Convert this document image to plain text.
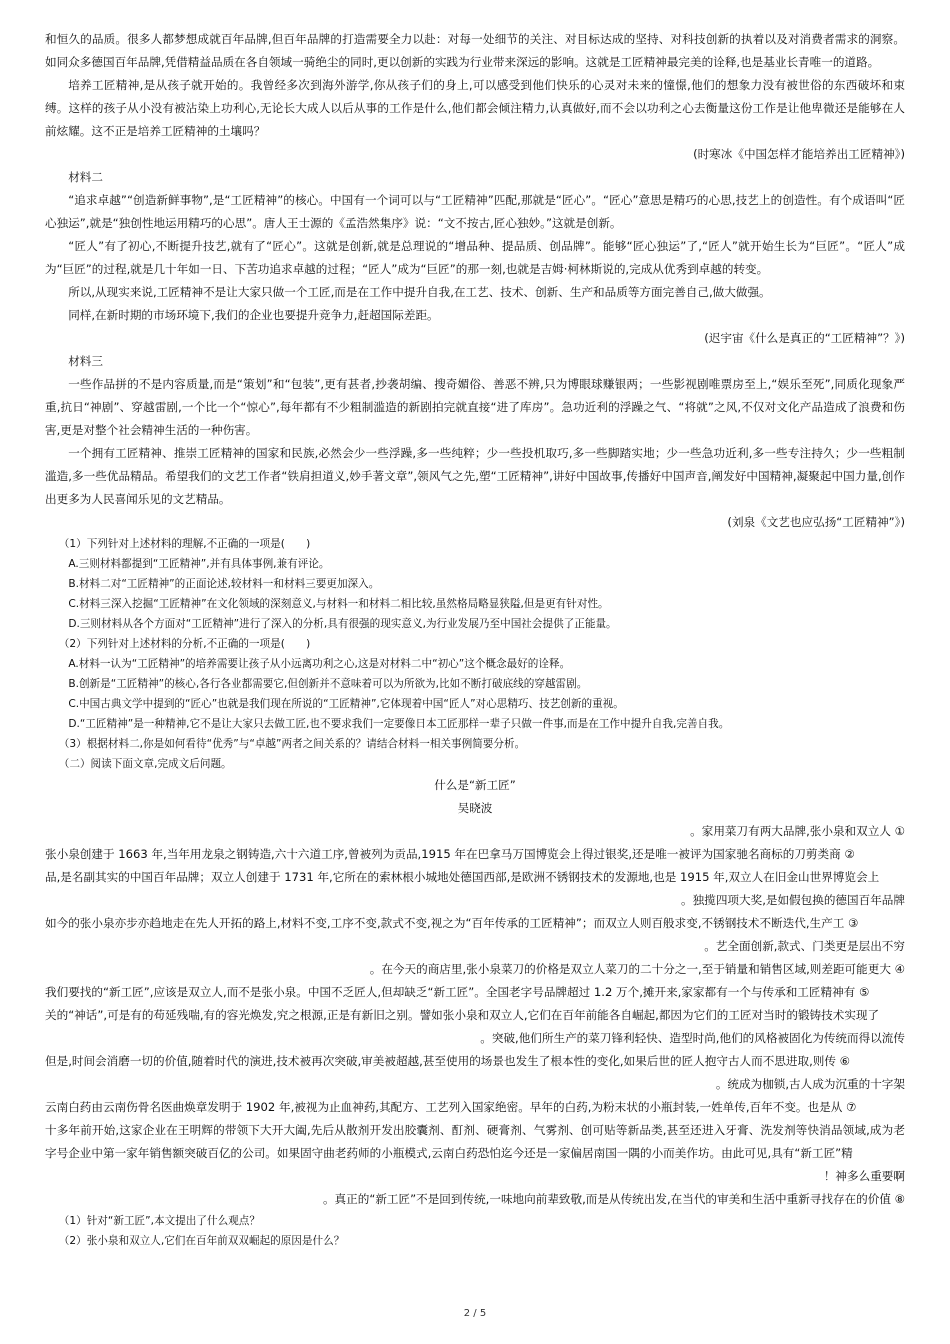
和恒久的品质。很多人都梦想成就百年品牌,但百年品牌的打造需要全力以赴：对每一处细节的关注、对目标达成的坚持、对科技创新的执着以及对消费者需求的洞察。如同众多德国百年品牌,凭借精益品质在各自领域一骑绝尘的同时,更以创新的实践为行业带来深远的影响。这就是工匠精神最完美的诠释,也是基业长青唯一的道路。

培养工匠精神,是从孩子就开始的。我曾经多次到海外游学,你从孩子们的身上,可以感受到他们快乐的心灵对未来的憧憬,他们的想象力没有被世俗的东西破坏和束缚。这样的孩子从小没有被沾染上功利心,无论长大成人以后从事的工作是什么,他们都会倾注精力,认真做好,而不会以功利之心去衡量这份工作是让他卑微还是能够在人前炫耀。这不正是培养工匠精神的土壤吗？

(时寒冰《中国怎样才能培养出工匠精神》)

材料二

“追求卓越”“创造新鲜事物”,是“工匠精神”的核心。中国有一个词可以与“工匠精神”匹配,那就是“匠心”。“匠心”意思是精巧的心思,技艺上的创造性。有个成语叫“匠心独运”,就是“独创性地运用精巧的心思”。唐人王士源的《孟浩然集序》说：“文不按古,匠心独妙。”这就是创新。

“匠人”有了初心,不断提升技艺,就有了“匠心”。这就是创新,就是总理说的“增品种、提品质、创品牌”。能够“匠心独运”了,“匠人”就开始生长为“巨匠”。“匠人”成为“巨匠”的过程,就是几十年如一日、下苦功追求卓越的过程；“匠人”成为“巨匠”的那一刻,也就是吉姆·柯林斯说的,完成从优秀到卓越的转变。

所以,从现实来说,工匠精神不是让大家只做一个工匠,而是在工作中提升自我,在工艺、技术、创新、生产和品质等方面完善自己,做大做强。

同样,在新时期的市场环境下,我们的企业也要提升竞争力,赶超国际差距。

(迟宇宙《什么是真正的“工匠精神”？》)

材料三

一些作品拼的不是内容质量,而是“策划”和“包装”,更有甚者,抄袭胡编、搜奇媚俗、善恶不辨,只为博眼球赚银两；一些影视剧唯票房至上,“娱乐至死”,同质化现象严重,抗日“神剧”、穿越雷剧,一个比一个“惊心”,每年都有不少粗制滥造的新剧拍完就直接“进了库房”。急功近利的浮躁之气、“将就”之风,不仅对文化产品造成了浪费和伤害,更是对整个社会精神生活的一种伤害。

一个拥有工匠精神、推崇工匠精神的国家和民族,必然会少一些浮躁,多一些纯粹；少一些投机取巧,多一些脚踏实地；少一些急功近利,多一些专注持久；少一些粗制滥造,多一些优品精品。希望我们的文艺工作者“铁肩担道义,妙手著文章”,领风气之先,塑“工匠精神”,讲好中国故事,传播好中国声音,阐发好中国精神,凝聚起中国力量,创作出更多为人民喜闻乐见的文艺精品。

(刘泉《文艺也应弘扬“工匠精神”》)

（1）下列针对上述材料的理解,不正确的一项是(　　)

A.三则材料都提到“工匠精神”,并有具体事例,兼有评论。

B.材料二对“工匠精神”的正面论述,较材料一和材料三要更加深入。

C.材料三深入挖掘“工匠精神”在文化领域的深刻意义,与材料一和材料二相比较,虽然格局略显狭隘,但是更有针对性。

D.三则材料从各个方面对“工匠精神”进行了深入的分析,具有很强的现实意义,为行业发展乃至中国社会提供了正能量。

（2）下列针对上述材料的分析,不正确的一项是(　　)

A.材料一认为“工匠精神”的培养需要让孩子从小远离功利之心,这是对材料二中“初心”这个概念最好的诠释。

B.创新是“工匠精神”的核心,各行各业都需要它,但创新并不意味着可以为所欲为,比如不断打破底线的穿越雷剧。

C.中国古典文学中提到的“匠心”也就是我们现在所说的“工匠精神”,它体现着中国“匠人”对心思精巧、技艺创新的重视。

D.“工匠精神”是一种精神,它不是让大家只去做工匠,也不要求我们一定要像日本工匠那样一辈子只做一件事,而是在工作中提升自我,完善自我。

（3）根据材料二,你是如何看待“优秀”与“卓越”两者之间关系的？请结合材料一相关事例简要分析。

（二）阅读下面文章,完成文后问题。

什么是“新工匠”

吴晓波

。家用菜刀有两大品牌,张小泉和双立人 ①

张小泉创建于 1663 年,当年用龙泉之钢铸造,六十六道工序,曾被列为贡品,1915 年在巴拿马万国博览会上得过银奖,还是唯一被评为国家驰名商标的刀剪类商 ②

品,是名副其实的中国百年品牌；双立人创建于 1731 年,它所在的索林根小城地处德国西部,是欧洲不锈钢技术的发源地,也是 1915 年,双立人在旧金山世界博览会上

。独揽四项大奖,是如假包换的德国百年品牌

如今的张小泉亦步亦趋地走在先人开拓的路上,材料不变,工序不变,款式不变,视之为“百年传承的工匠精神”；而双立人则百般求变,不锈钢技术不断迭代,生产工 ③

。艺全面创新,款式、门类更是层出不穷

。在今天的商店里,张小泉菜刀的价格是双立人菜刀的二十分之一,至于销量和销售区域,则差距可能更大 ④

我们要找的“新工匠”,应该是双立人,而不是张小泉。中国不乏匠人,但却缺乏“新工匠”。全国老字号品牌超过 1.2 万个,摊开来,家家都有一个与传承和工匠精神有 ⑤

关的“神话”,可是有的苟延残喘,有的容光焕发,究之根源,正是有新旧之别。譬如张小泉和双立人,它们在百年前能各自崛起,都因为它们的工匠对当时的锻铸技术实现了

。突破,他们所生产的菜刀锋利轻快、造型时尚,他们的风格被固化为传统而得以流传

但是,时间会消磨一切的价值,随着时代的演进,技术被再次突破,审美被超越,甚至使用的场景也发生了根本性的变化,如果后世的匠人抱守古人而不思进取,则传 ⑥

。统成为枷锁,古人成为沉重的十字架

云南白药由云南伤骨名医曲焕章发明于 1902 年,被视为止血神药,其配方、工艺列入国家绝密。早年的白药,为粉末状的小瓶封装,一姓单传,百年不变。也是从 ⑦

十多年前开始,这家企业在王明辉的带领下大开大阖,先后从散剂开发出胶囊剂、酊剂、硬膏剂、气雾剂、创可贴等新品类,甚至还进入牙膏、洗发剂等快消品领域,成为老字号企业中第一家年销售额突破百亿的公司。如果固守曲老药师的小瓶模式,云南白药恐怕迄今还是一家偏居南国一隅的小而美作坊。由此可见,具有“新工匠”精

！神多么重要啊

。真正的“新工匠”不是回到传统,一味地向前辈致敬,而是从传统出发,在当代的审美和生活中重新寻找存在的价值 ⑧

（1）针对“新工匠”,本文提出了什么观点？

（2）张小泉和双立人,它们在百年前双双崛起的原因是什么？

2 / 5
